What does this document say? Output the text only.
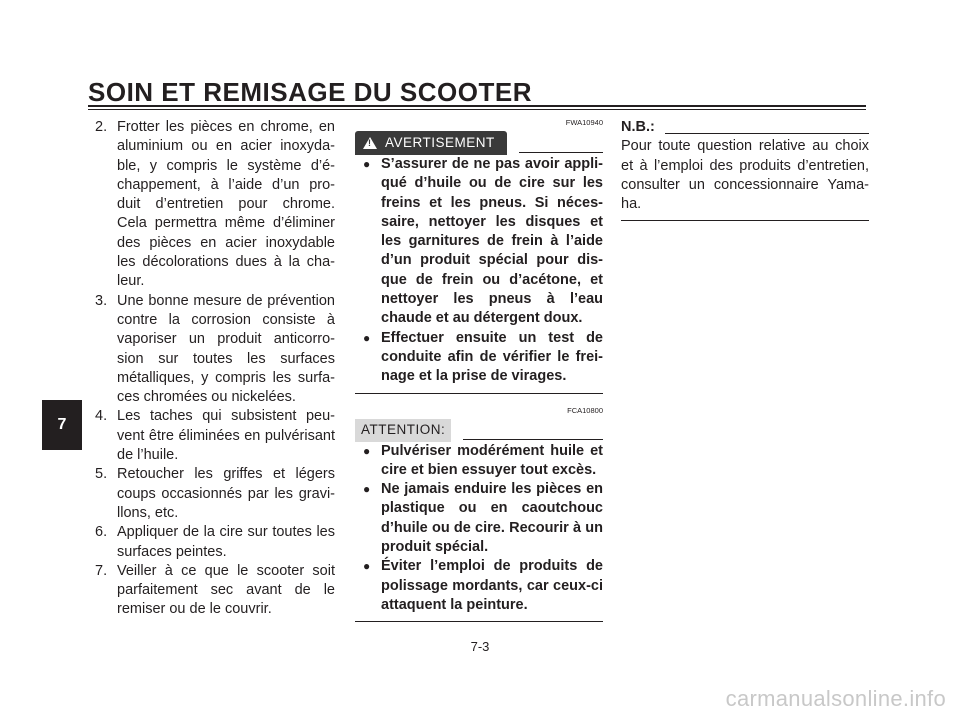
SOIN ET REMISAGE DU SCOOTER
7
2. Frotter les pièces en chrome, en aluminium ou en acier inoxyda-ble, y compris le système d’é-chappement, à l’aide d’un pro-duit d’entretien pour chrome. Cela permettra même d’éliminer des pièces en acier inoxydable les décolorations dues à la cha-leur.
3. Une bonne mesure de prévention contre la corrosion consiste à vaporiser un produit anticorro-sion sur toutes les surfaces métalliques, y compris les surfa-ces chromées ou nickelées.
4. Les taches qui subsistent peu-vent être éliminées en pulvérisant de l’huile.
5. Retoucher les griffes et légers coups occasionnés par les gravi-llons, etc.
6. Appliquer de la cire sur toutes les surfaces peintes.
7. Veiller à ce que le scooter soit parfaitement sec avant de le remiser ou de le couvrir.
FWA10940
! AVERTISEMENT
● S’assurer de ne pas avoir appli-qué d’huile ou de cire sur les freins et les pneus. Si néces-saire, nettoyer les disques et les garnitures de frein à l’aide d’un produit spécial pour dis-que de frein ou d’acétone, et nettoyer les pneus à l’eau chaude et au détergent doux.
● Effectuer ensuite un test de conduite afin de vérifier le frei-nage et la prise de virages.
FCA10800
ATTENTION:
● Pulvériser modérément huile et cire et bien essuyer tout excès.
● Ne jamais enduire les pièces en plastique ou en caoutchouc d’huile ou de cire. Recourir à un produit spécial.
● Éviter l’emploi de produits de polissage mordants, car ceux-ci attaquent la peinture.
N.B.:
Pour toute question relative au choix et à l’emploi des produits d’entretien, consulter un concessionnaire Yama-ha.
7-3
carmanualsonline.info
